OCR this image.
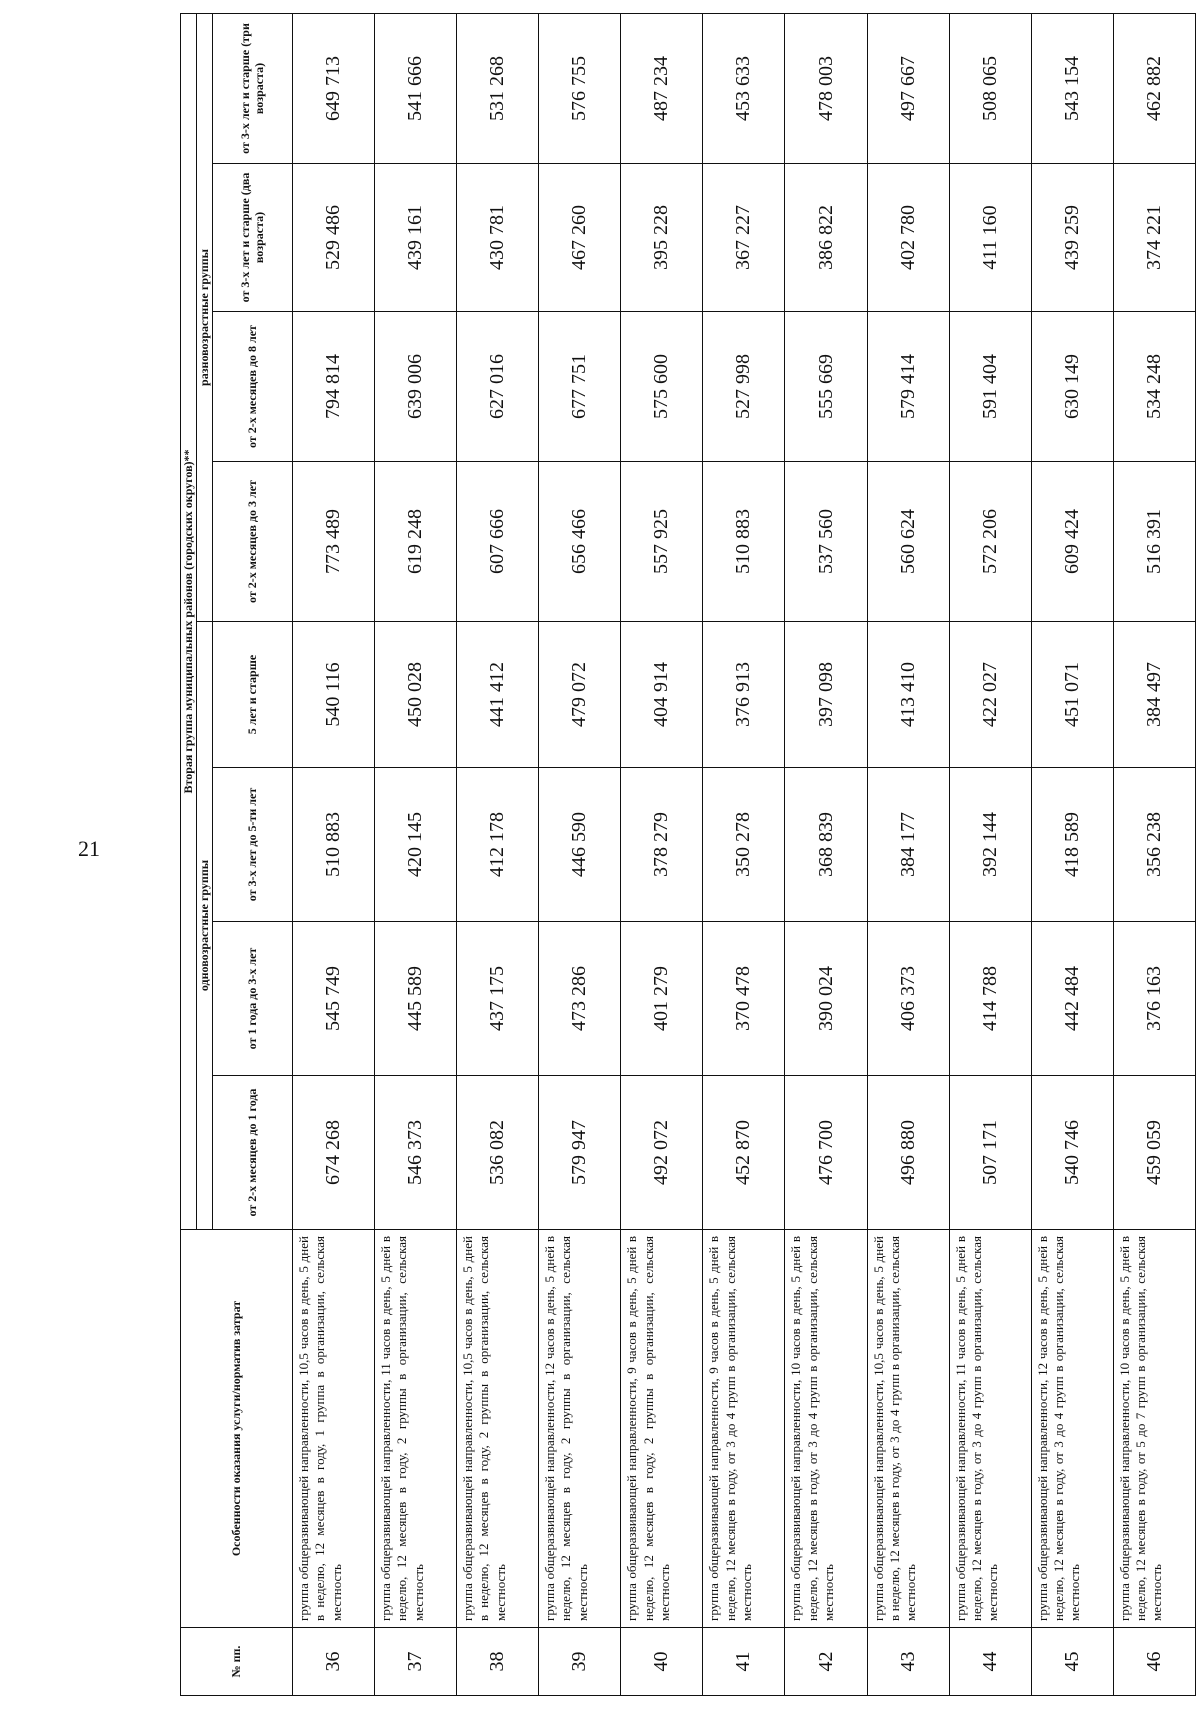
21
№ пп.	Особенности оказания услуги/норматив затрат	Вторая группа муниципальных районов (городских округов)**							
		одновозрастные группы				разновозрастные группы			
		от 2-х месяцев до 1 года	от 1 года до 3-х лет	от 3-х лет до 5-ти лет	5 лет и старше	от 2-х месяцев до 3 лет	от 2-х месяцев до 8 лет	от 3-х лет и старше (два возраста)	от 3-х лет и старше (три возраста)
36	группа общеразвивающей направленности, 10,5 часов в день, 5 дней в неделю, 12 месяцев в году, 1 группа в организации, сельская местность	674 268	545 749	510 883	540 116	773 489	794 814	529 486	649 713
37	группа общеразвивающей направленности, 11 часов в день, 5 дней в неделю, 12 месяцев в году, 2 группы в организации, сельская местность	546 373	445 589	420 145	450 028	619 248	639 006	439 161	541 666
38	группа общеразвивающей направленности, 10,5 часов в день, 5 дней в неделю, 12 месяцев в году, 2 группы в организации, сельская местность	536 082	437 175	412 178	441 412	607 666	627 016	430 781	531 268
39	группа общеразвивающей направленности, 12 часов в день, 5 дней в неделю, 12 месяцев в году, 2 группы в организации, сельская местность	579 947	473 286	446 590	479 072	656 466	677 751	467 260	576 755
40	группа общеразвивающей направленности, 9 часов в день, 5 дней в неделю, 12 месяцев в году, 2 группы в организации, сельская местность	492 072	401 279	378 279	404 914	557 925	575 600	395 228	487 234
41	группа общеразвивающей направленности, 9 часов в день, 5 дней в неделю, 12 месяцев в году, от 3 до 4 групп в организации, сельская местность	452 870	370 478	350 278	376 913	510 883	527 998	367 227	453 633
42	группа общеразвивающей направленности, 10 часов в день, 5 дней в неделю, 12 месяцев в году, от 3 до 4 групп в организации, сельская местность	476 700	390 024	368 839	397 098	537 560	555 669	386 822	478 003
43	группа общеразвивающей направленности, 10,5 часов в день, 5 дней в неделю, 12 месяцев в году, от 3 до 4 групп в организации, сельская местность	496 880	406 373	384 177	413 410	560 624	579 414	402 780	497 667
44	группа общеразвивающей направленности, 11 часов в день, 5 дней в неделю, 12 месяцев в году, от 3 до 4 групп в организации, сельская местность	507 171	414 788	392 144	422 027	572 206	591 404	411 160	508 065
45	группа общеразвивающей направленности, 12 часов в день, 5 дней в неделю, 12 месяцев в году, от 3 до 4 групп в организации, сельская местность	540 746	442 484	418 589	451 071	609 424	630 149	439 259	543 154
46	группа общеразвивающей направленности, 10 часов в день, 5 дней в неделю, 12 месяцев в году, от 5 до 7 групп в организации, сельская местность	459 059	376 163	356 238	384 497	516 391	534 248	374 221	462 882
